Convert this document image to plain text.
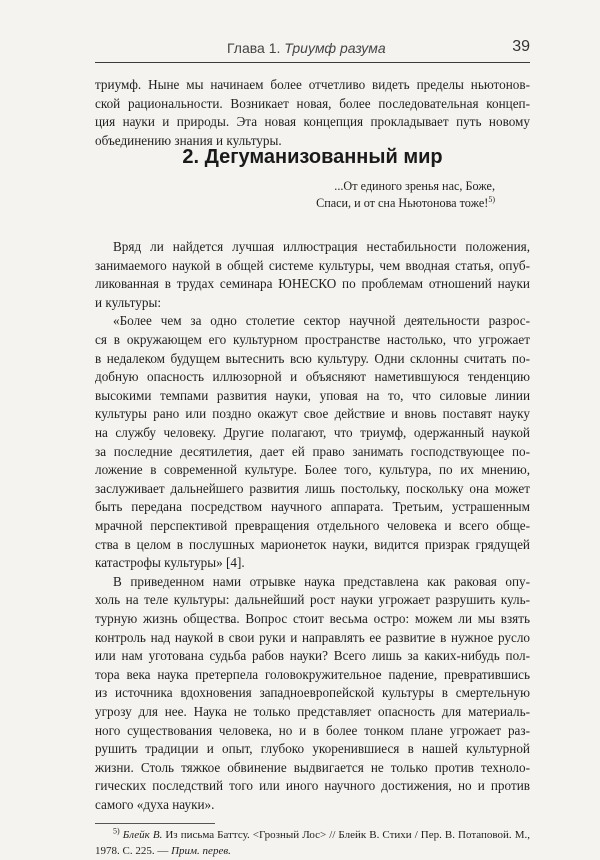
Глава 1. Триумф разума	39
триумф. Ныне мы начинаем более отчетливо видеть пределы ньютонов-
ской рациональности. Возникает новая, более последовательная концеп-
ция науки и природы. Эта новая концепция прокладывает путь новому
объединению знания и культуры.
2. Дегуманизованный мир
...От единого зренья нас, Боже,
Спаси, и от сна Ньютонова тоже!$^{5)}$
Вряд ли найдется лучшая иллюстрация нестабильности положения,
занимаемого наукой в общей системе культуры, чем вводная статья, опуб-
ликованная в трудах семинара ЮНЕСКО по проблемам отношений науки
и культуры:
«Более чем за одно столетие сектор научной деятельности разрос-
ся в окружающем его культурном пространстве настолько, что угрожает
в недалеком будущем вытеснить всю культуру. Одни склонны считать по-
добную опасность иллюзорной и объясняют наметившуюся тенденцию
высокими темпами развития науки, уповая на то, что силовые линии
культуры рано или поздно окажут свое действие и вновь поставят науку
на службу человеку. Другие полагают, что триумф, одержанный наукой
за последние десятилетия, дает ей право занимать господствующее по-
ложение в современной культуре. Более того, культура, по их мнению,
заслуживает дальнейшего развития лишь постольку, поскольку она может
быть передана посредством научного аппарата. Третьим, устрашенным
мрачной перспективой превращения отдельного человека и всего обще-
ства в целом в послушных марионеток науки, видится призрак грядущей
катастрофы культуры» [4].
В приведенном нами отрывке наука представлена как раковая опу-
холь на теле культуры: дальнейший рост науки угрожает разрушить куль-
турную жизнь общества. Вопрос стоит весьма остро: можем ли мы взять
контроль над наукой в свои руки и направлять ее развитие в нужное русло
или нам уготована судьба рабов науки? Всего лишь за каких-нибудь пол-
тора века наука претерпела головокружительное падение, превратившись
из источника вдохновения западноевропейской культуры в смертельную
угрозу для нее. Наука не только представляет опасность для материаль-
ного существования человека, но и в более тонком плане угрожает раз-
рушить традиции и опыт, глубоко укоренившиеся в нашей культурной
жизни. Столь тяжкое обвинение выдвигается не только против техноло-
гических последствий того или иного научного достижения, но и против
самого «духа науки».
$^{5)}$ Блейк В. Из письма Баттсу. <Грозный Лос> // Блейк В. Стихи / Пер. В. Потаповой. М.,
1978. С. 225. — Прим. перев.
